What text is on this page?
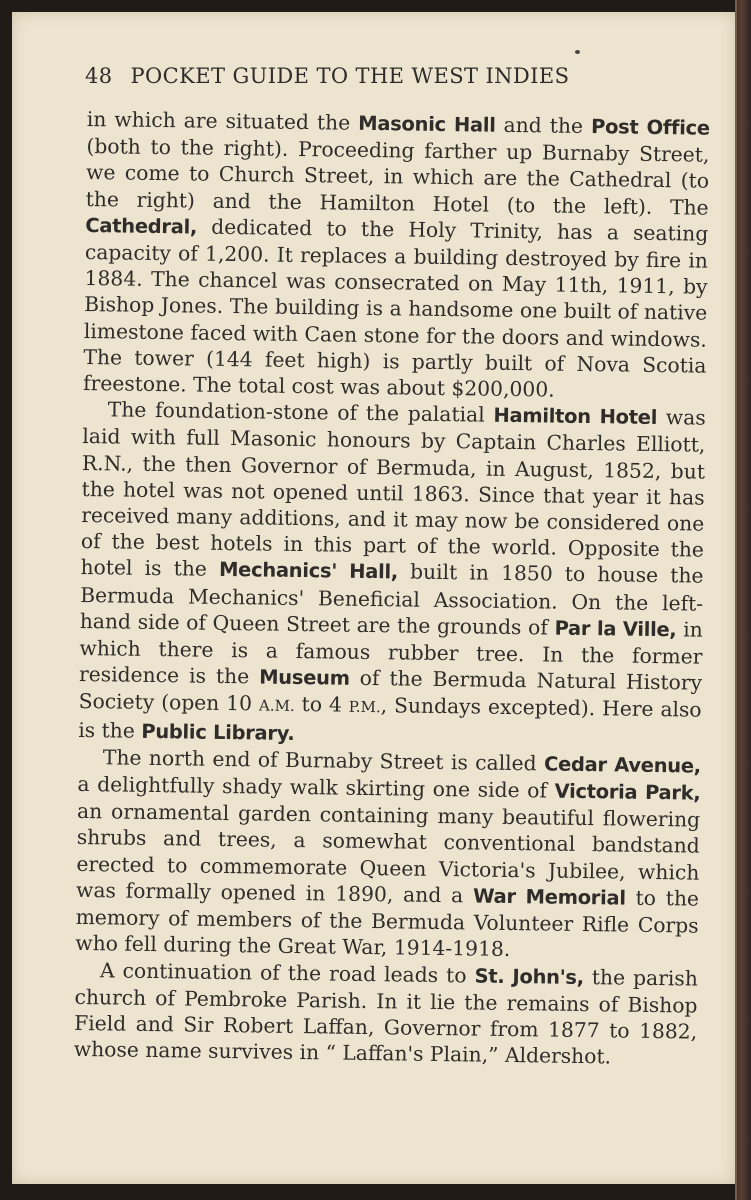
48 POCKET GUIDE TO THE WEST INDIES

in which are situated the Masonic Hall and the Post Office (both to the right). Proceeding farther up Burnaby Street, we come to Church Street, in which are the Cathedral (to the right) and the Hamilton Hotel (to the left). The Cathedral, dedicated to the Holy Trinity, has a seating capacity of 1,200. It replaces a building destroyed by fire in 1884. The chancel was consecrated on May 11th, 1911, by Bishop Jones. The building is a handsome one built of native limestone faced with Caen stone for the doors and windows. The tower (144 feet high) is partly built of Nova Scotia freestone. The total cost was about $200,000.

The foundation-stone of the palatial Hamilton Hotel was laid with full Masonic honours by Captain Charles Elliott, R.N., the then Governor of Bermuda, in August, 1852, but the hotel was not opened until 1863. Since that year it has received many additions, and it may now be considered one of the best hotels in this part of the world. Opposite the hotel is the Mechanics' Hall, built in 1850 to house the Bermuda Mechanics' Beneficial Association. On the left-hand side of Queen Street are the grounds of Par la Ville, in which there is a famous rubber tree. In the former residence is the Museum of the Bermuda Natural History Society (open 10 A.M. to 4 P.M., Sundays excepted). Here also is the Public Library.

The north end of Burnaby Street is called Cedar Avenue, a delightfully shady walk skirting one side of Victoria Park, an ornamental garden containing many beautiful flowering shrubs and trees, a somewhat conventional bandstand erected to commemorate Queen Victoria's Jubilee, which was formally opened in 1890, and a War Memorial to the memory of members of the Bermuda Volunteer Rifle Corps who fell during the Great War, 1914-1918.

A continuation of the road leads to St. John's, the parish church of Pembroke Parish. In it lie the remains of Bishop Field and Sir Robert Laffan, Governor from 1877 to 1882, whose name survives in “ Laffan's Plain,” Aldershot.
